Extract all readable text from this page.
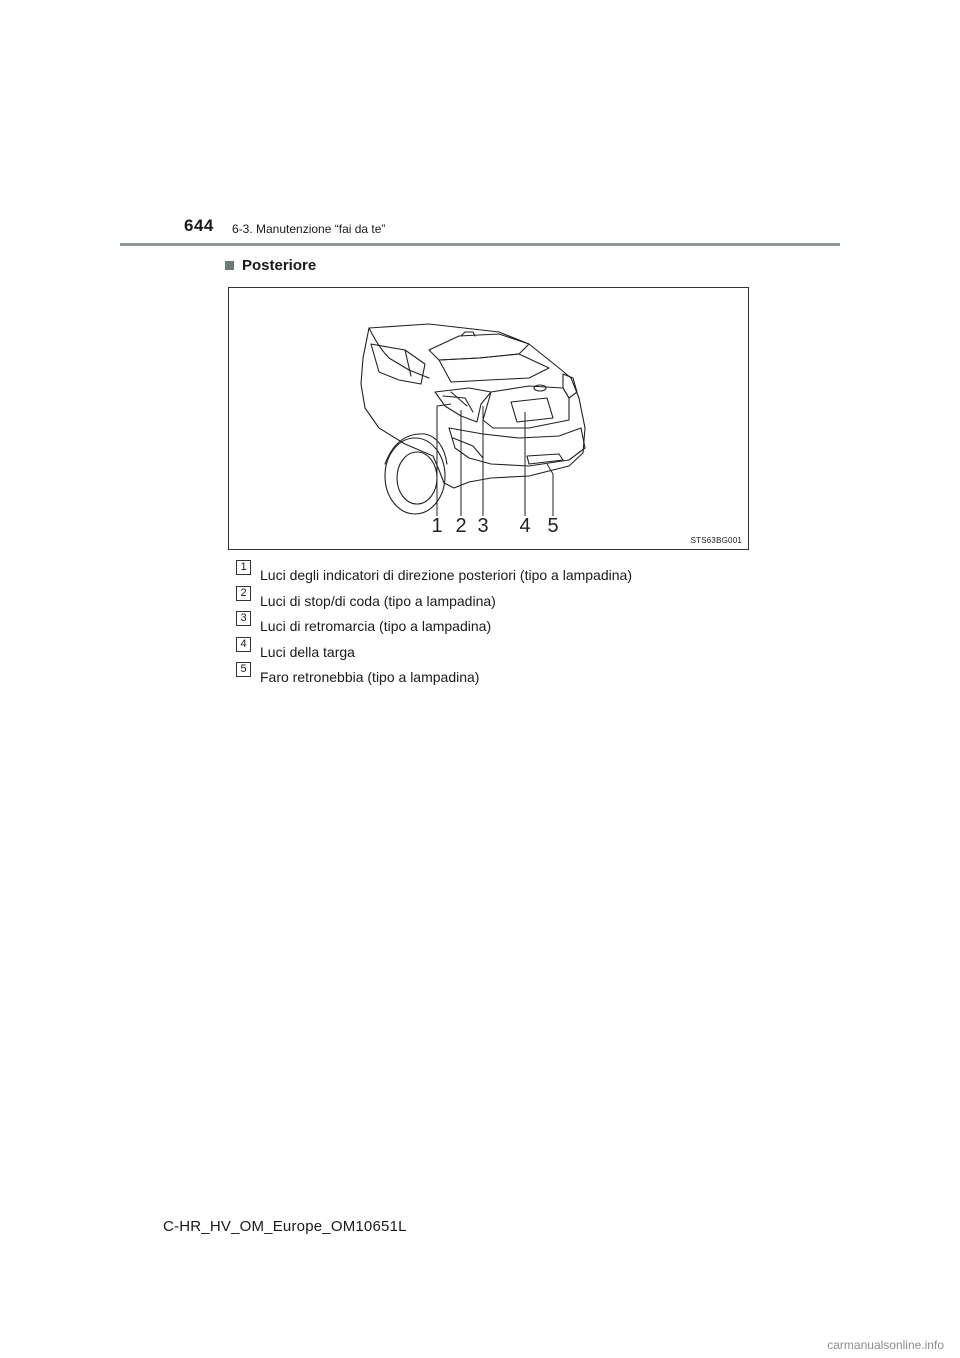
644 6-3. Manutenzione “fai da te”
Posteriore
1 2 3 4 5
STS63BG001
1 Luci degli indicatori di direzione posteriori (tipo a lampadina)
2 Luci di stop/di coda (tipo a lampadina)
3 Luci di retromarcia (tipo a lampadina)
4 Luci della targa
5 Faro retronebbia (tipo a lampadina)
C-HR_HV_OM_Europe_OM10651L
carmanualsonline.info
